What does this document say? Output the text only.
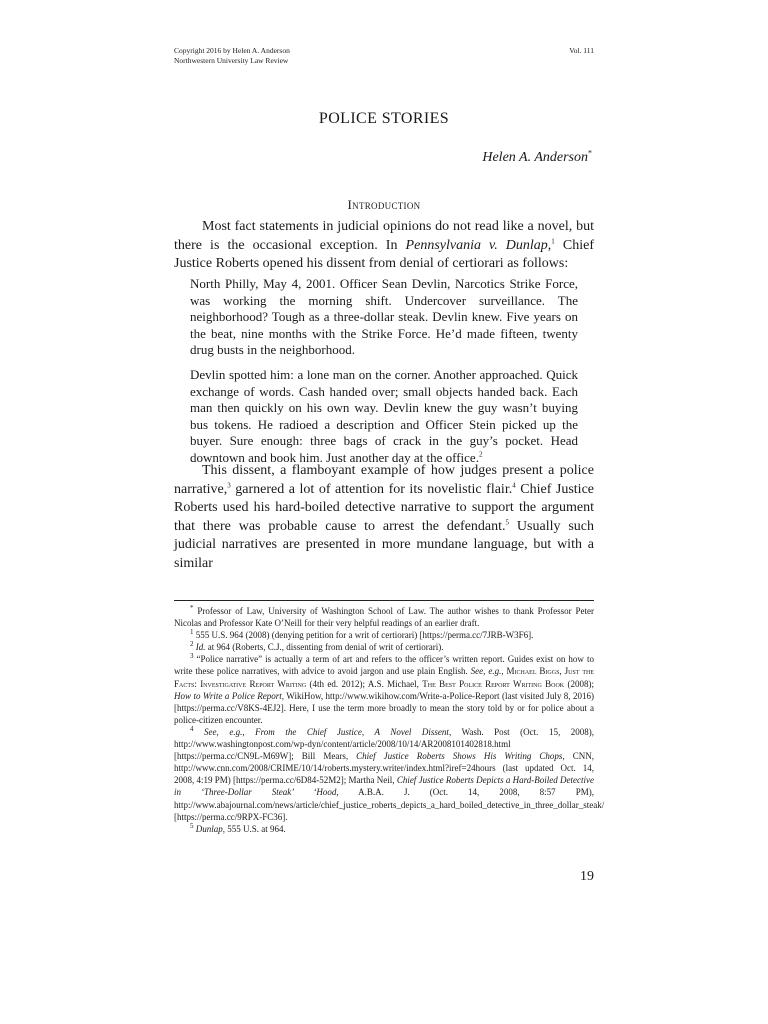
Copyright 2016 by Helen A. Anderson
Northwestern University Law Review
Vol. 111
POLICE STORIES
Helen A. Anderson*
Introduction

Most fact statements in judicial opinions do not read like a novel, but there is the occasional exception. In Pennsylvania v. Dunlap,$^1$ Chief Justice Roberts opened his dissent from denial of certiorari as follows:

North Philly, May 4, 2001. Officer Sean Devlin, Narcotics Strike Force, was working the morning shift. Undercover surveillance. The neighborhood? Tough as a three-dollar steak. Devlin knew. Five years on the beat, nine months with the Strike Force. He’d made fifteen, twenty drug busts in the neighborhood.

Devlin spotted him: a lone man on the corner. Another approached. Quick exchange of words. Cash handed over; small objects handed back. Each man then quickly on his own way. Devlin knew the guy wasn’t buying bus tokens. He radioed a description and Officer Stein picked up the buyer. Sure enough: three bags of crack in the guy’s pocket. Head downtown and book him. Just another day at the office.$^2$

This dissent, a flamboyant example of how judges present a police narrative,$^3$ garnered a lot of attention for its novelistic flair.$^4$ Chief Justice Roberts used his hard-boiled detective narrative to support the argument that there was probable cause to arrest the defendant.$^5$ Usually such judicial narratives are presented in more mundane language, but with a similar

* Professor of Law, University of Washington School of Law. The author wishes to thank Professor Peter Nicolas and Professor Kate O’Neill for their very helpful readings of an earlier draft.

$^1$ 555 U.S. 964 (2008) (denying petition for a writ of certiorari) [https://perma.cc/7JRB-W3F6].

$^2$ Id. at 964 (Roberts, C.J., dissenting from denial of writ of certiorari).

$^3$ “Police narrative” is actually a term of art and refers to the officer’s written report. Guides exist on how to write these police narratives, with advice to avoid jargon and use plain English. See, e.g., Michael Biggs, Just the Facts: Investigative Report Writing (4th ed. 2012); A.S. Michael, The Best Police Report Writing Book (2008); How to Write a Police Report, WikiHow, http://www.wikihow.com/Write-a-Police-Report (last visited July 8, 2016) [https://perma.cc/V8KS-4EJ2]. Here, I use the term more broadly to mean the story told by or for police about a police-citizen encounter.

$^4$ See, e.g., From the Chief Justice, A Novel Dissent, Wash. Post (Oct. 15, 2008), http://www.washingtonpost.com/wp-dyn/content/article/2008/10/14/AR2008101402818.html [https://perma.cc/CN9L-M69W]; Bill Mears, Chief Justice Roberts Shows His Writing Chops, CNN, http://www.cnn.com/2008/CRIME/10/14/roberts.mystery.writer/index.html?iref=24hours (last updated Oct. 14, 2008, 4:19 PM) [https://perma.cc/6D84-52M2]; Martha Neil, Chief Justice Roberts Depicts a Hard-Boiled Detective in ‘Three-Dollar Steak’ ‘Hood, A.B.A. J. (Oct. 14, 2008, 8:57 PM), http://www.abajournal.com/news/article/chief_justice_roberts_depicts_a_hard_boiled_detective_in_three_dollar_steak/ [https://perma.cc/9RPX-FC36].

$^5$ Dunlap, 555 U.S. at 964.

19
